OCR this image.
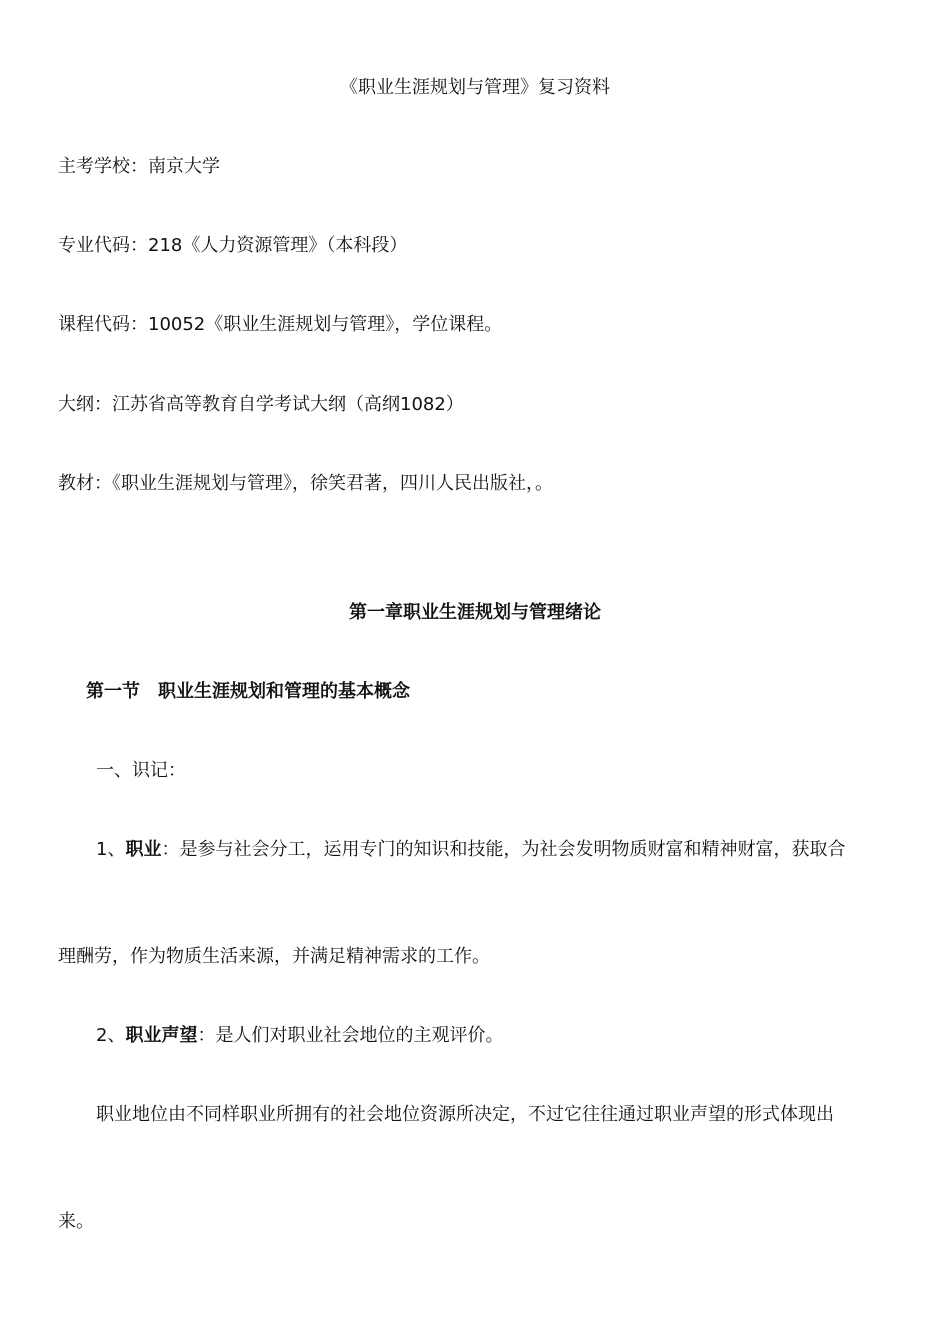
《职业生涯规划与管理》复习资料
主考学校：南京大学
专业代码：218《人力资源管理》（本科段）
课程代码：10052《职业生涯规划与管理》，学位课程。
大纲：江苏省高等教育自学考试大纲（高纲1082）
教材：《职业生涯规划与管理》，徐笑君著，四川人民出版社，。
第一章职业生涯规划与管理绪论
第一节　职业生涯规划和管理的基本概念
一、识记：
1、职业：是参与社会分工，运用专门的知识和技能，为社会发明物质财富和精神财富，获取合
理酬劳，作为物质生活来源，并满足精神需求的工作。
2、职业声望：是人们对职业社会地位的主观评价。
职业地位由不同样职业所拥有的社会地位资源所决定，不过它往往通过职业声望的形式体现出
来。
